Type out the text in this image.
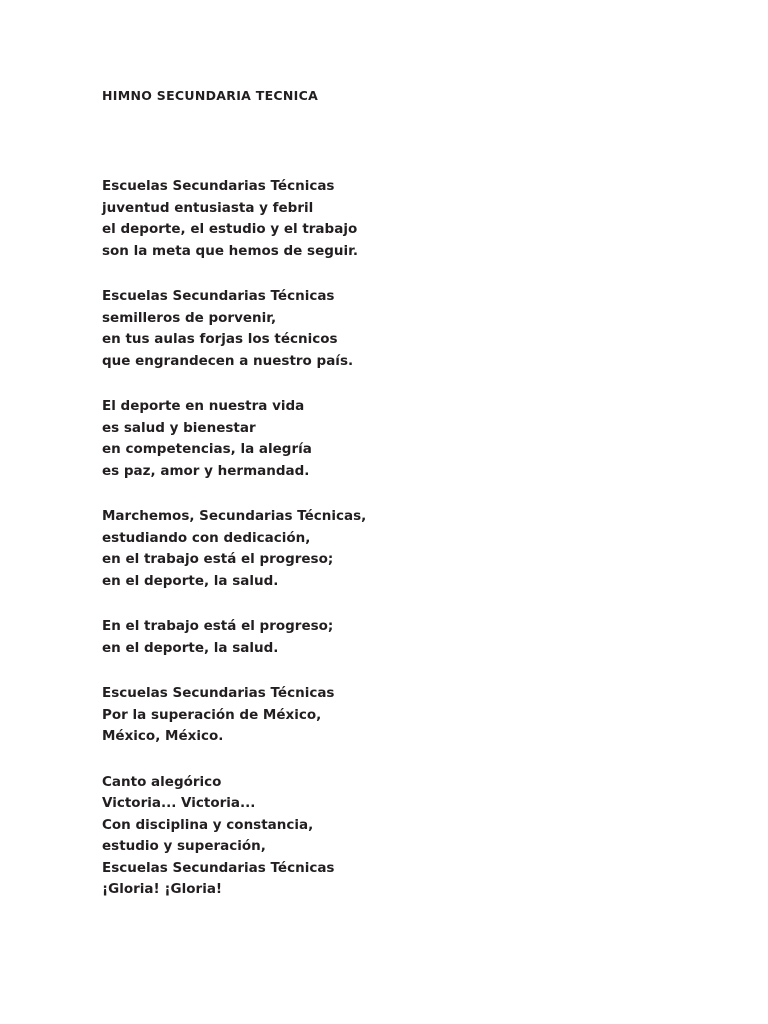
HIMNO SECUNDARIA TECNICA
Escuelas Secundarias Técnicas
juventud entusiasta y febril
el deporte, el estudio y el trabajo
son la meta que hemos de seguir.
Escuelas Secundarias Técnicas
semilleros de porvenir,
en tus aulas forjas los técnicos
que engrandecen a nuestro país.
El deporte en nuestra vida
es salud y bienestar
en competencias, la alegría
es paz, amor y hermandad.
Marchemos, Secundarias Técnicas,
estudiando con dedicación,
en el trabajo está el progreso;
en el deporte, la salud.
En el trabajo está el progreso;
en el deporte, la salud.
Escuelas Secundarias Técnicas
Por la superación de México,
México, México.
Canto alegórico
Victoria... Victoria...
Con disciplina y constancia,
estudio y superación,
Escuelas Secundarias Técnicas
¡Gloria! ¡Gloria!
